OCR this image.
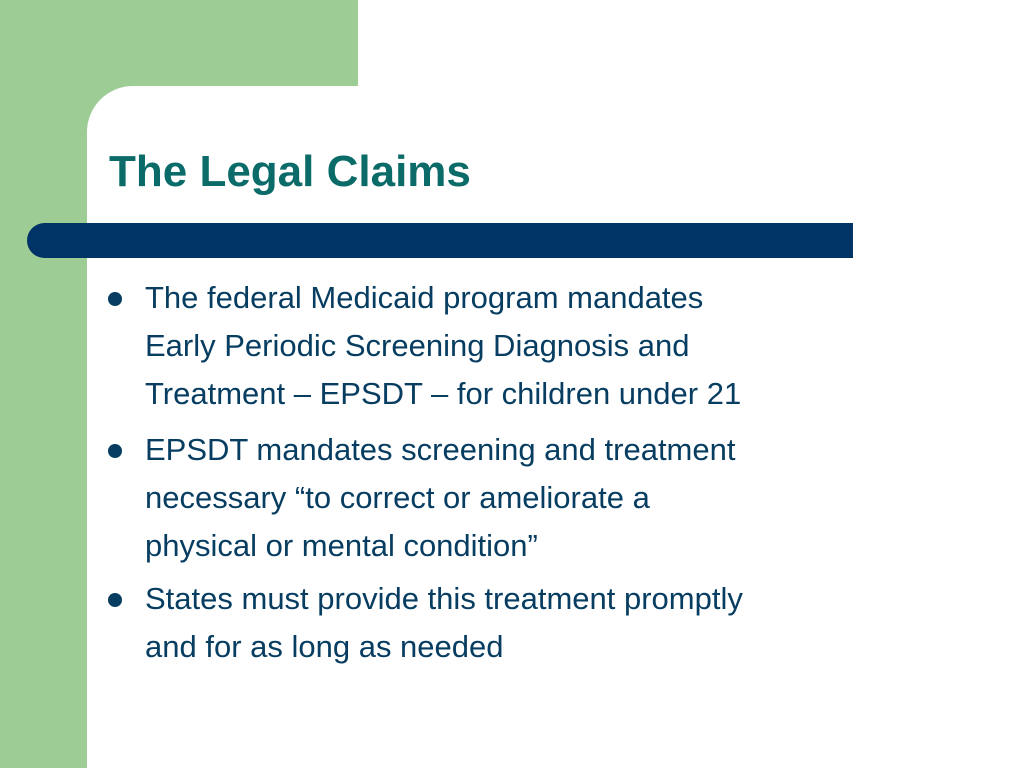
The Legal Claims
The federal Medicaid program mandates
Early Periodic Screening Diagnosis and
Treatment – EPSDT – for children under 21
EPSDT mandates screening and treatment
necessary “to correct or ameliorate a
physical or mental condition”
States must provide this treatment promptly
and for as long as needed
